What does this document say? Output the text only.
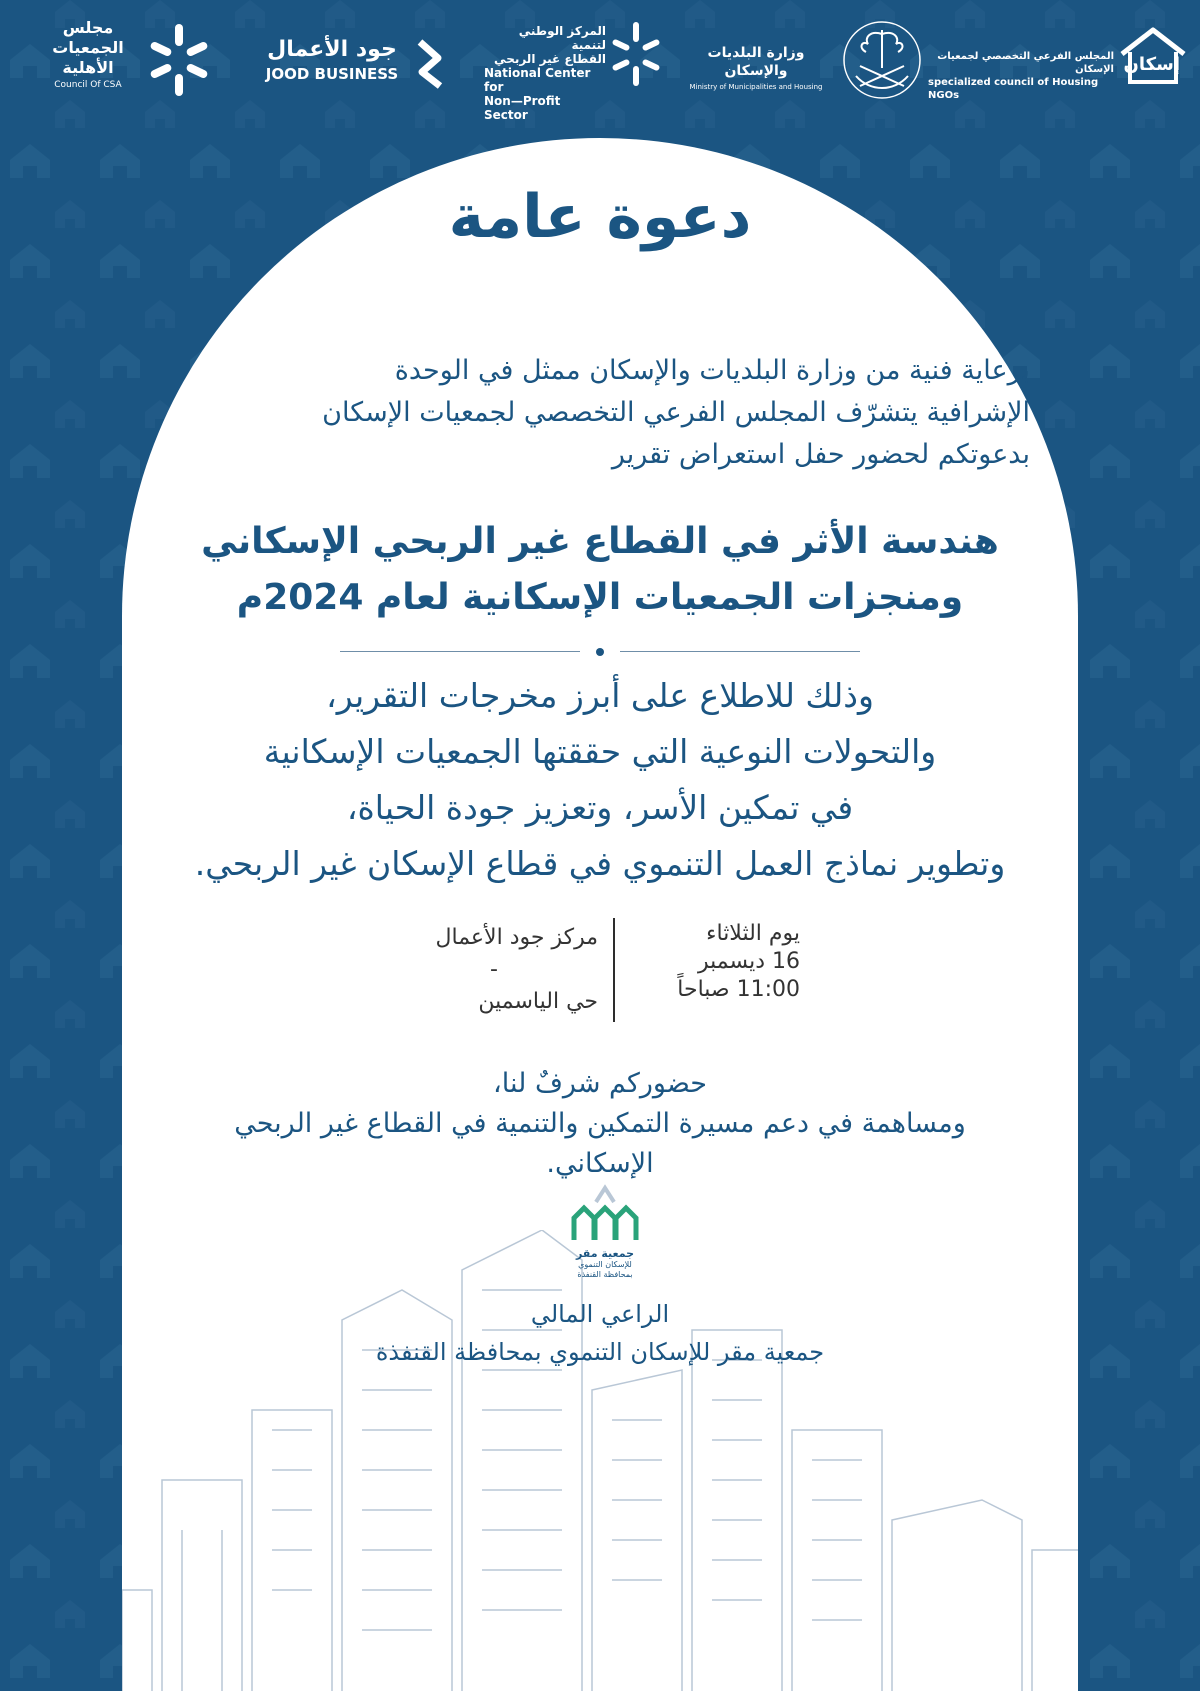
مجلس
الجمعيات
الأهلية
Council Of CSA
جود الأعمال
JOOD BUSINESS
المركز الوطني لتنمية
القطاع غير الربحي
National Center for
Non—Profit Sector
وزارة البلديات والإسكان
Ministry of Municipalities and Housing
المجلس الفرعي التخصصي لجمعيات الإسكان
specialized council of Housing NGOs
إسكان
دعوة عامة
برعاية فنية من وزارة البلديات والإسكان ممثل في الوحدة
الإشرافية يتشرّف المجلس الفرعي التخصصي لجمعيات الإسكان
بدعوتكم لحضور حفل استعراض تقرير
هندسة الأثر في القطاع غير الربحي الإسكاني
ومنجزات الجمعيات الإسكانية لعام 2024م
وذلك للاطلاع على أبرز مخرجات التقرير،
والتحولات النوعية التي حققتها الجمعيات الإسكانية
في تمكين الأسر، وتعزيز جودة الحياة،
وتطوير نماذج العمل التنموي في قطاع الإسكان غير الربحي.
يوم الثلاثاء
16 ديسمبر
11:00 صباحاً
مركز جود الأعمال
-
حي الياسمين
حضوركم شرفٌ لنا،
ومساهمة في دعم مسيرة التمكين والتنمية في القطاع غير الربحي
الإسكاني.
جمعية مقر
للإسكان التنموي
بمحافظة القنفذة
الراعي المالي
جمعية مقر للإسكان التنموي بمحافظة القنفذة
